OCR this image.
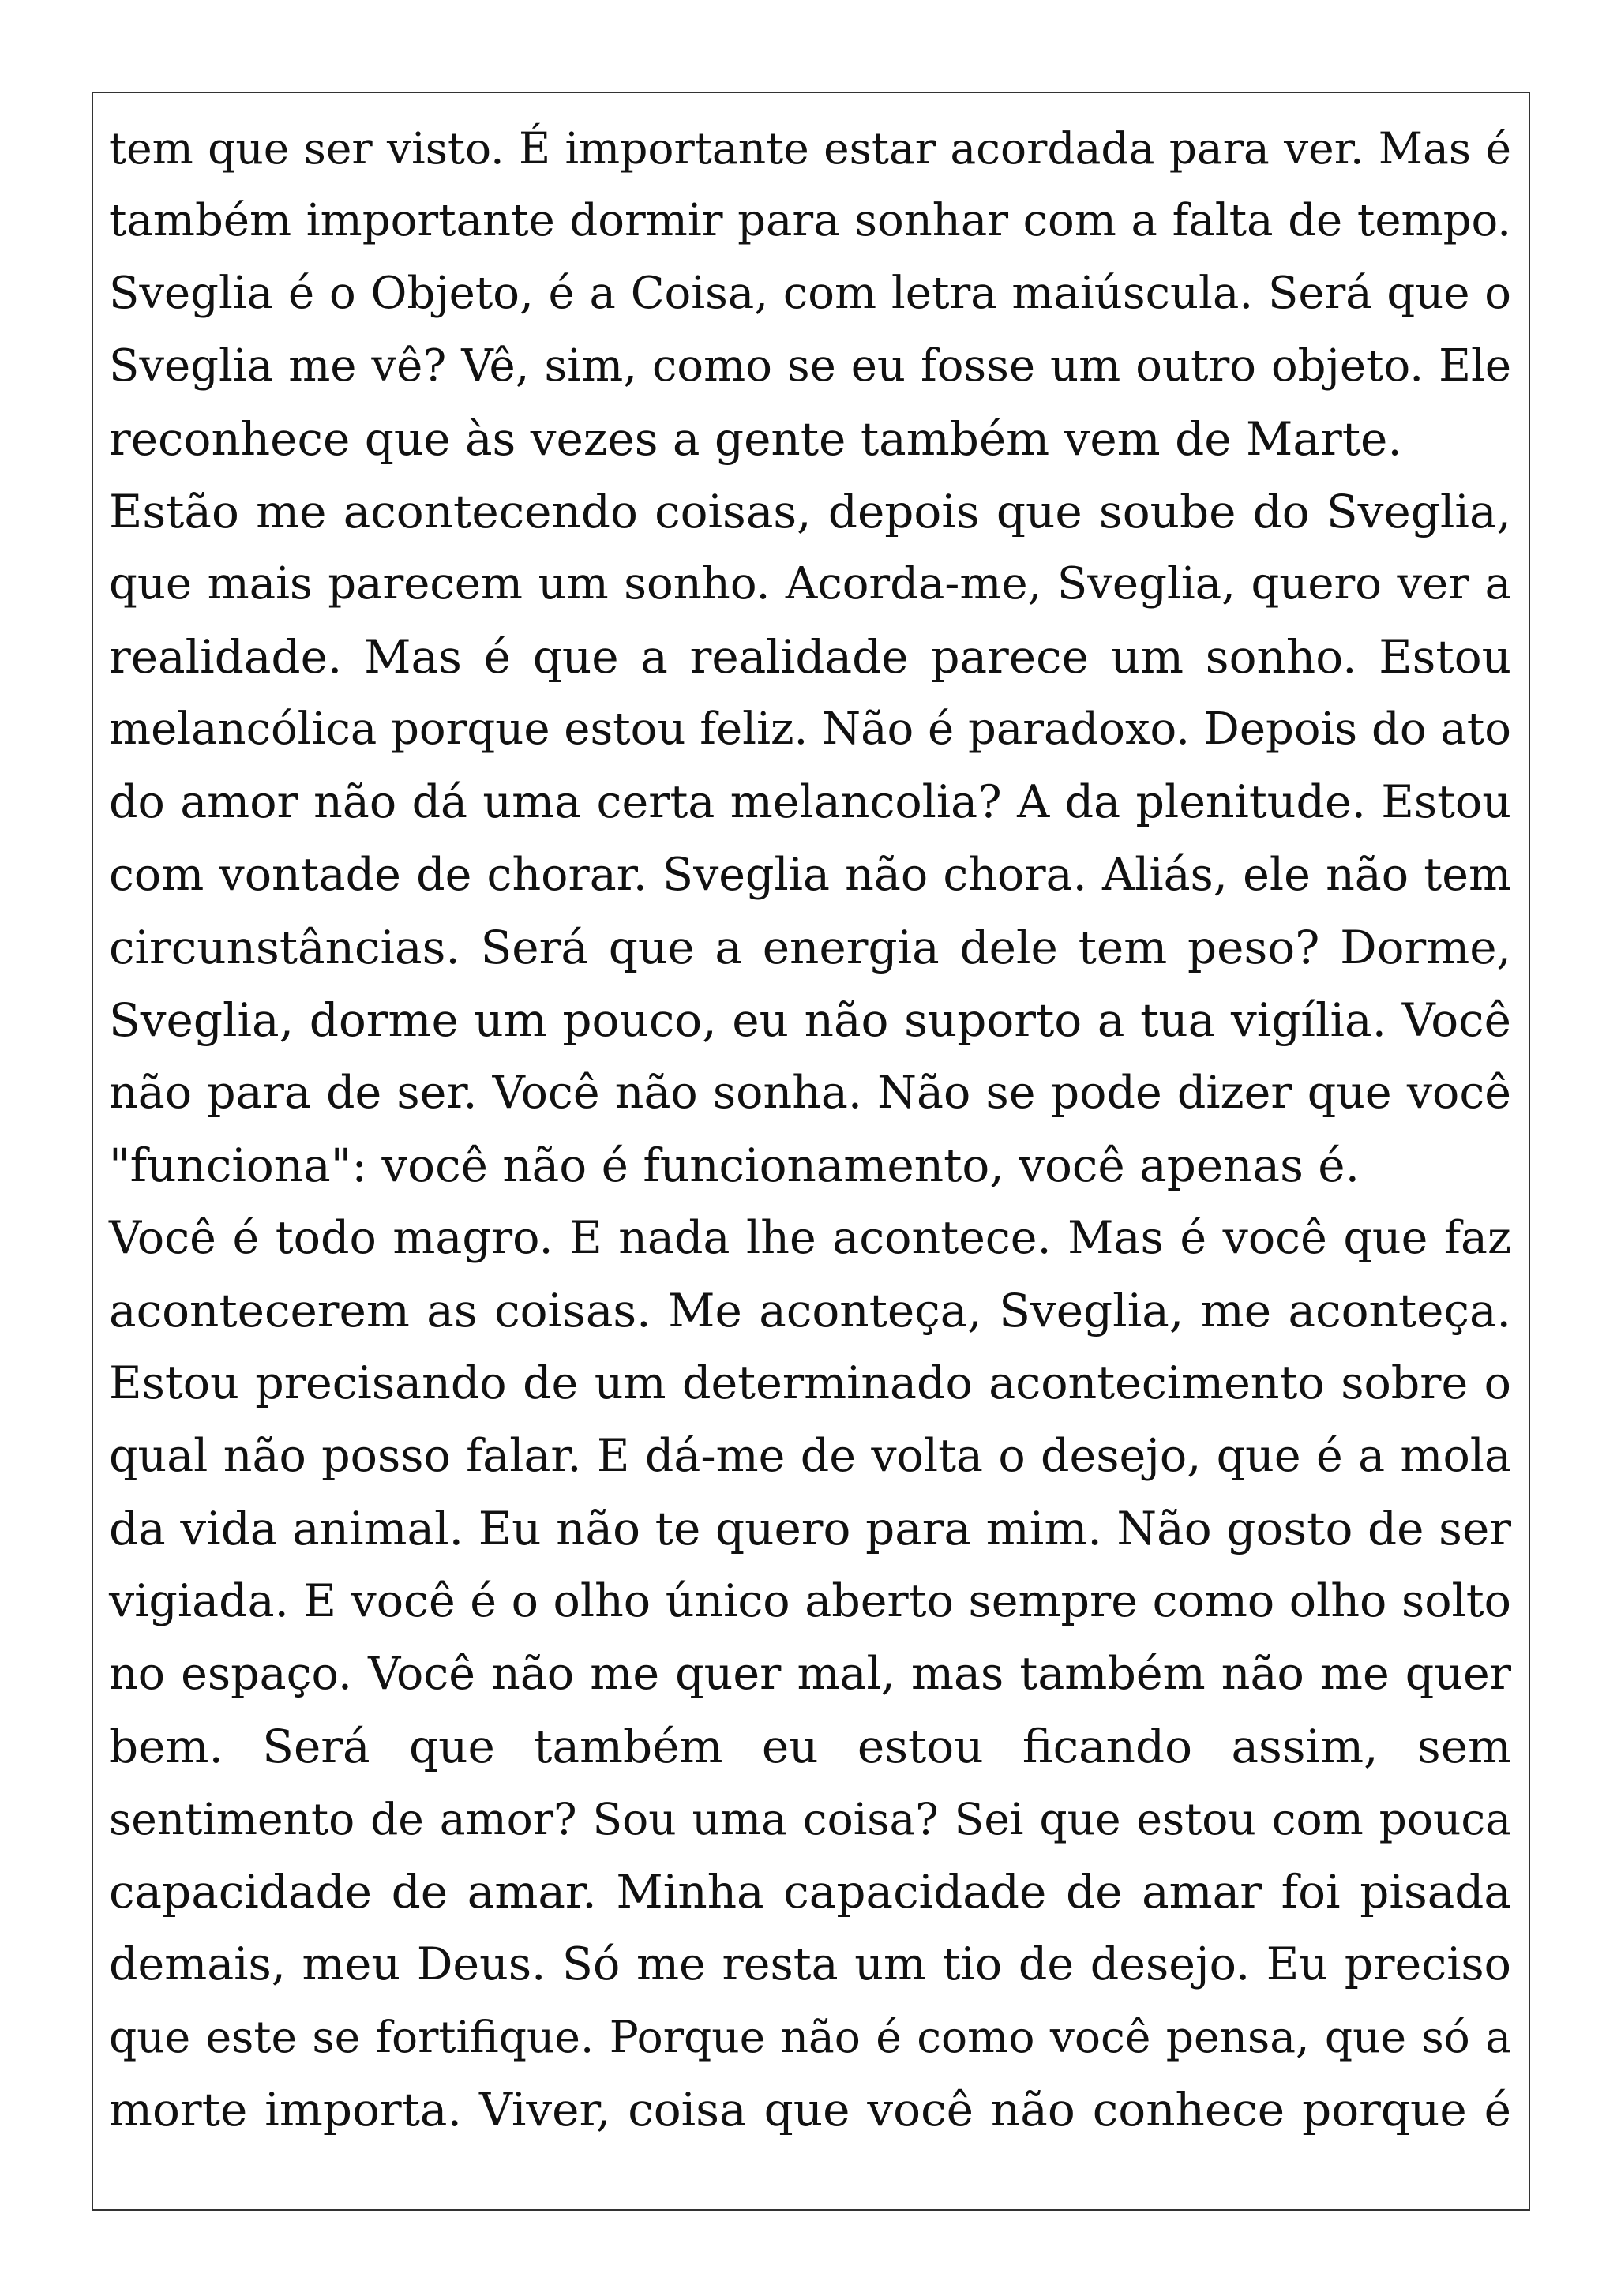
tem que ser visto. É importante estar acordada para ver. Mas é
também importante dormir para sonhar com a falta de tempo.
Sveglia é o Objeto, é a Coisa, com letra maiúscula. Será que o
Sveglia me vê? Vê, sim, como se eu fosse um outro objeto. Ele
reconhece que às vezes a gente também vem de Marte.
Estão me acontecendo coisas, depois que soube do Sveglia,
que mais parecem um sonho. Acorda-me, Sveglia, quero ver a
realidade. Mas é que a realidade parece um sonho. Estou
melancólica porque estou feliz. Não é paradoxo. Depois do ato
do amor não dá uma certa melancolia? A da plenitude. Estou
com vontade de chorar. Sveglia não chora. Aliás, ele não tem
circunstâncias. Será que a energia dele tem peso? Dorme,
Sveglia, dorme um pouco, eu não suporto a tua vigília. Você
não para de ser. Você não sonha. Não se pode dizer que você
"funciona": você não é funcionamento, você apenas é.
Você é todo magro. E nada lhe acontece. Mas é você que faz
acontecerem as coisas. Me aconteça, Sveglia, me aconteça.
Estou precisando de um determinado acontecimento sobre o
qual não posso falar. E dá-me de volta o desejo, que é a mola
da vida animal. Eu não te quero para mim. Não gosto de ser
vigiada. E você é o olho único aberto sempre como olho solto
no espaço. Você não me quer mal, mas também não me quer
bem. Será que também eu estou ficando assim, sem
sentimento de amor? Sou uma coisa? Sei que estou com pouca
capacidade de amar. Minha capacidade de amar foi pisada
demais, meu Deus. Só me resta um tio de desejo. Eu preciso
que este se fortifique. Porque não é como você pensa, que só a
morte importa. Viver, coisa que você não conhece porque é
